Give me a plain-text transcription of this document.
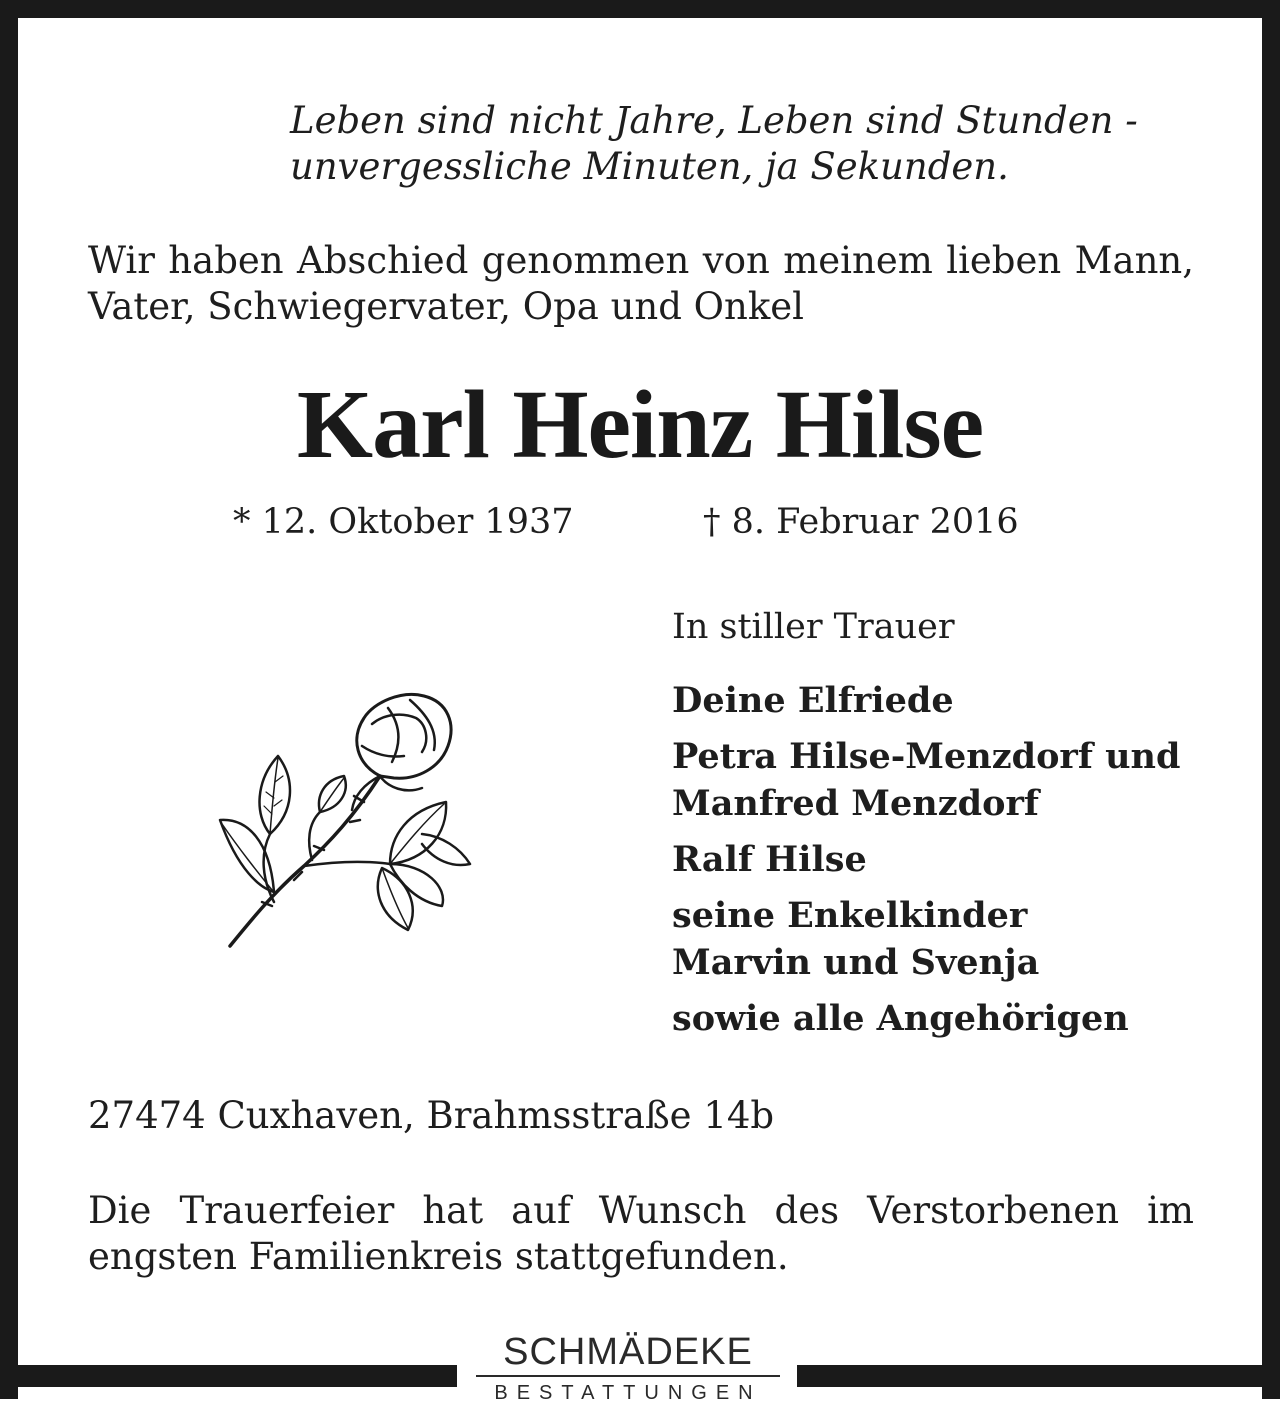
Leben sind nicht Jahre, Leben sind Stunden -
unvergessliche Minuten, ja Sekunden.
Wir haben Abschied genommen von meinem lieben Mann, Vater, Schwiegervater, Opa und Onkel
Karl Heinz Hilse
* 12. Oktober 1937	† 8. Februar 2016
In stiller Trauer
Deine Elfriede
Petra Hilse-Menzdorf und
Manfred Menzdorf
Ralf Hilse
seine Enkelkinder
Marvin und Svenja
sowie alle Angehörigen
27474 Cuxhaven, Brahmsstraße 14b
Die Trauerfeier hat auf Wunsch des Verstorbenen im engsten Familienkreis stattgefunden.
SCHMÄDEKE
BESTATTUNGEN
